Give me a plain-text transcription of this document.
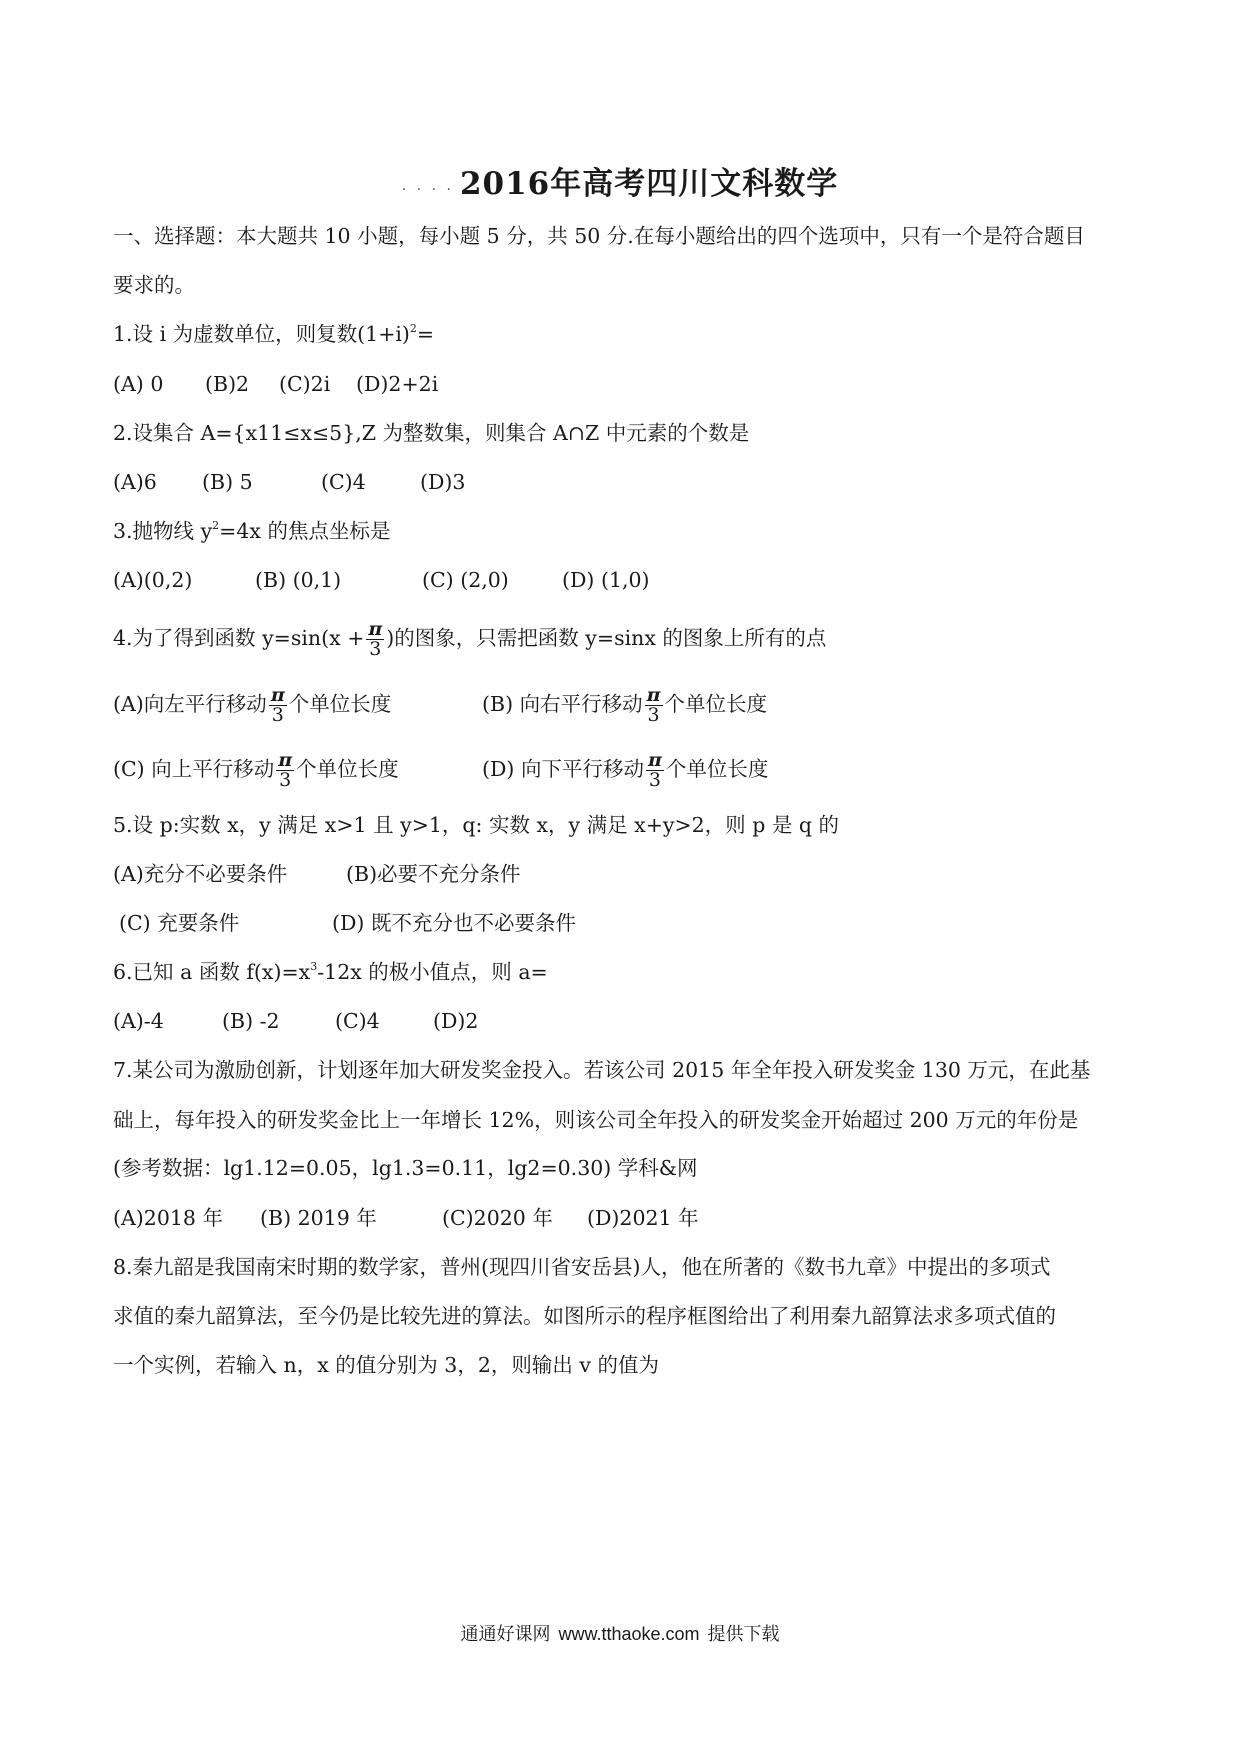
. . . . 2016年高考四川文科数学
一、选择题：本大题共 10 小题，每小题 5 分，共 50 分.在每小题给出的四个选项中，只有一个是符合题目
要求的。
1.设 i 为虚数单位，则复数$(1+i)^2=$
(A) 0 (B)2 (C)2i (D)2+2i
2.设集合 A={x11≤x≤5},Z 为整数集，则集合 A∩Z 中元素的个数是
(A)6 (B) 5	(C)4	(D)3
3.抛物线 $y^2=4x$ 的焦点坐标是
(A)(0,2)	(B) (0,1)	(C) (2,0)	(D) (1,0)
4.为了得到函数 $y=\sin(x + \frac{\pi}{3}$ )的图象，只需把函数 y=sinx 的图象上所有的点
(A)向左平行移动 $\frac{\pi}{3}$ 个单位长度	(B) 向右平行移动 $\frac{\pi}{3}$ 个单位长度
(C) 向上平行移动 $\frac{\pi}{3}$ 个单位长度	(D) 向下平行移动 $\frac{\pi}{3}$ 个单位长度
5.设 p:实数 x，y 满足 x>1 且 y>1，q: 实数 x，y 满足 x+y>2，则 p 是 q 的
(A)充分不必要条件	(B)必要不充分条件
(C) 充要条件	(D) 既不充分也不必要条件
6.已知 a 函数 $f(x)=x^3-12x$ 的极小值点，则 a=
(A)-4	(B) -2	(C)4	(D)2
7.某公司为激励创新，计划逐年加大研发奖金投入。若该公司 2015 年全年投入研发奖金 130 万元，在此基
础上，每年投入的研发奖金比上一年增长 12%，则该公司全年投入的研发奖金开始超过 200 万元的年份是
(参考数据：lg1.12=0.05，lg1.3=0.11，lg2=0.30) 学科&网
(A)2018 年 (B) 2019 年	(C)2020 年 (D)2021 年
8.秦九韶是我国南宋时期的数学家，普州(现四川省安岳县)人，他在所著的《数书九章》中提出的多项式
求值的秦九韶算法，至今仍是比较先进的算法。如图所示的程序框图给出了利用秦九韶算法求多项式值的
一个实例，若输入 n，x 的值分别为 3，2，则输出 v 的值为
通通好课网 www.tthaoke.com 提供下载
